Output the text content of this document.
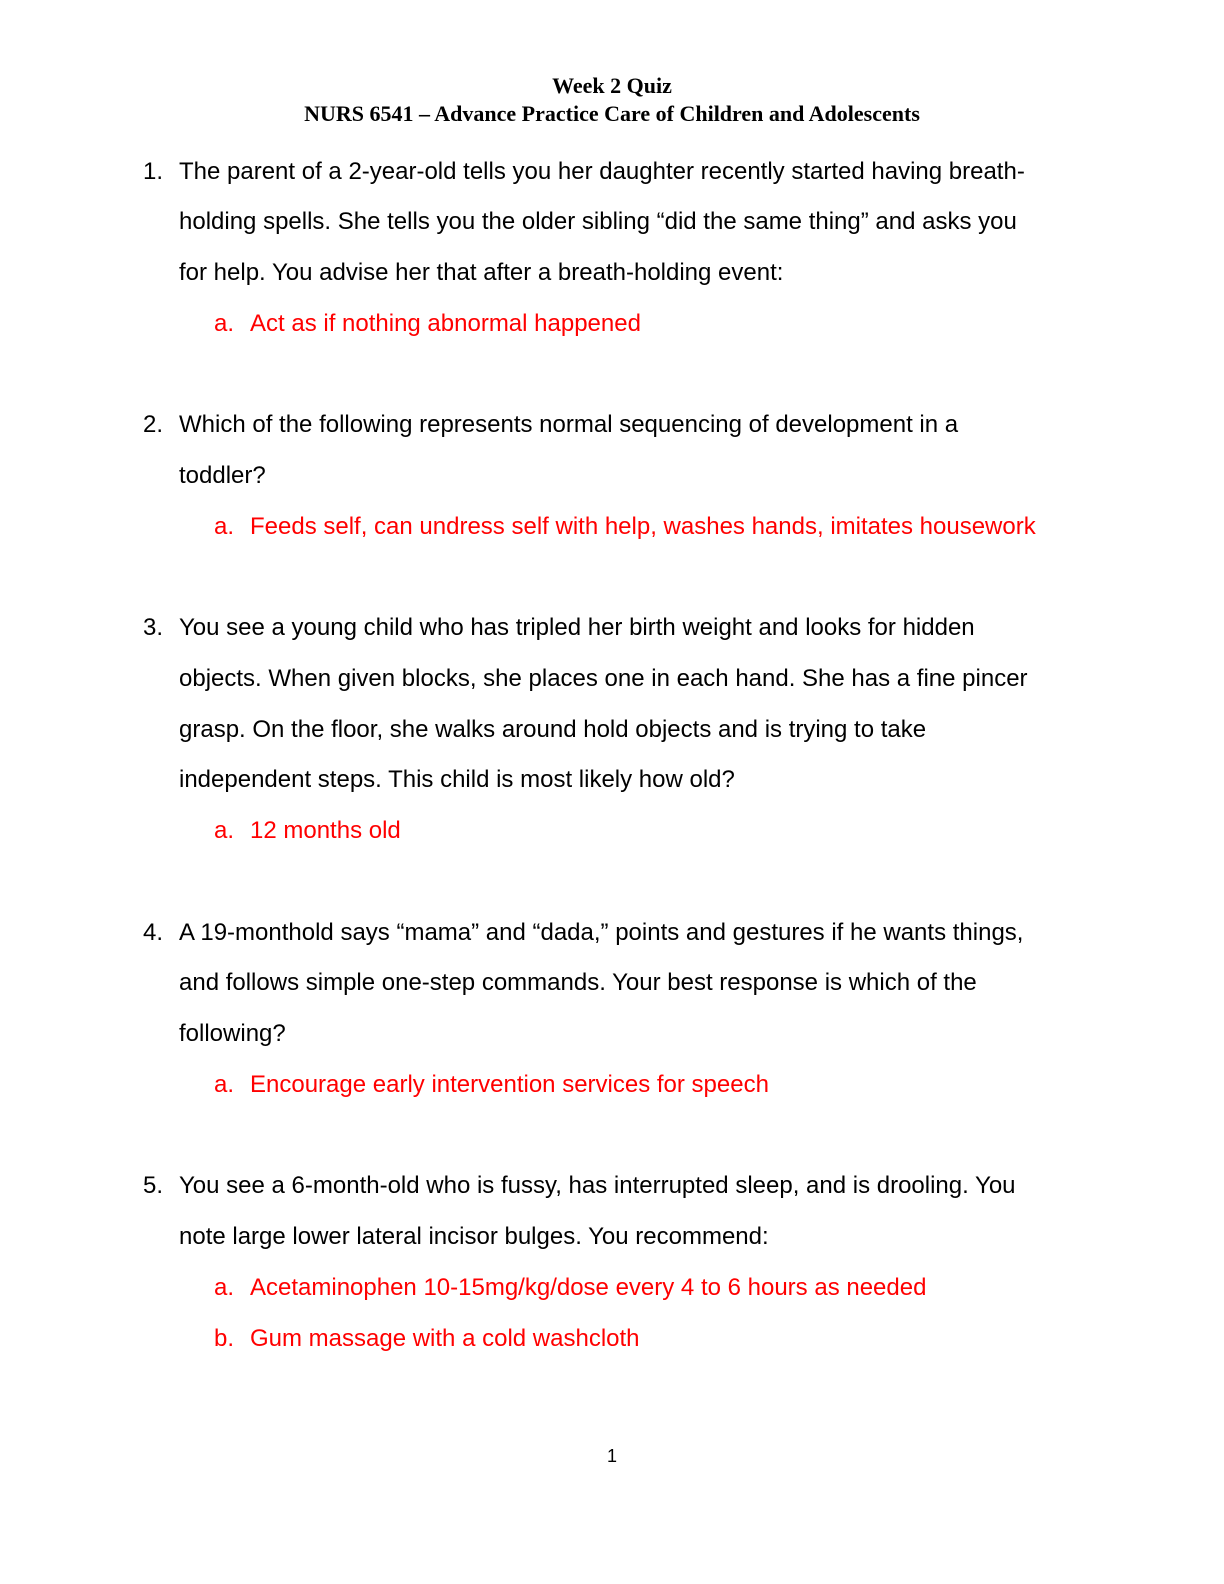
Week 2 Quiz
NURS 6541 – Advance Practice Care of Children and Adolescents
1. The parent of a 2-year-old tells you her daughter recently started having breath-
holding spells. She tells you the older sibling “did the same thing” and asks you
for help. You advise her that after a breath-holding event:
a. Act as if nothing abnormal happened
2. Which of the following represents normal sequencing of development in a
toddler?
a. Feeds self, can undress self with help, washes hands, imitates housework
3. You see a young child who has tripled her birth weight and looks for hidden
objects. When given blocks, she places one in each hand. She has a fine pincer
grasp. On the floor, she walks around hold objects and is trying to take
independent steps. This child is most likely how old?
a. 12 months old
4. A 19-monthold says “mama” and “dada,” points and gestures if he wants things,
and follows simple one-step commands. Your best response is which of the
following?
a. Encourage early intervention services for speech
5. You see a 6-month-old who is fussy, has interrupted sleep, and is drooling. You
note large lower lateral incisor bulges. You recommend:
a. Acetaminophen 10-15mg/kg/dose every 4 to 6 hours as needed
b. Gum massage with a cold washcloth
1
